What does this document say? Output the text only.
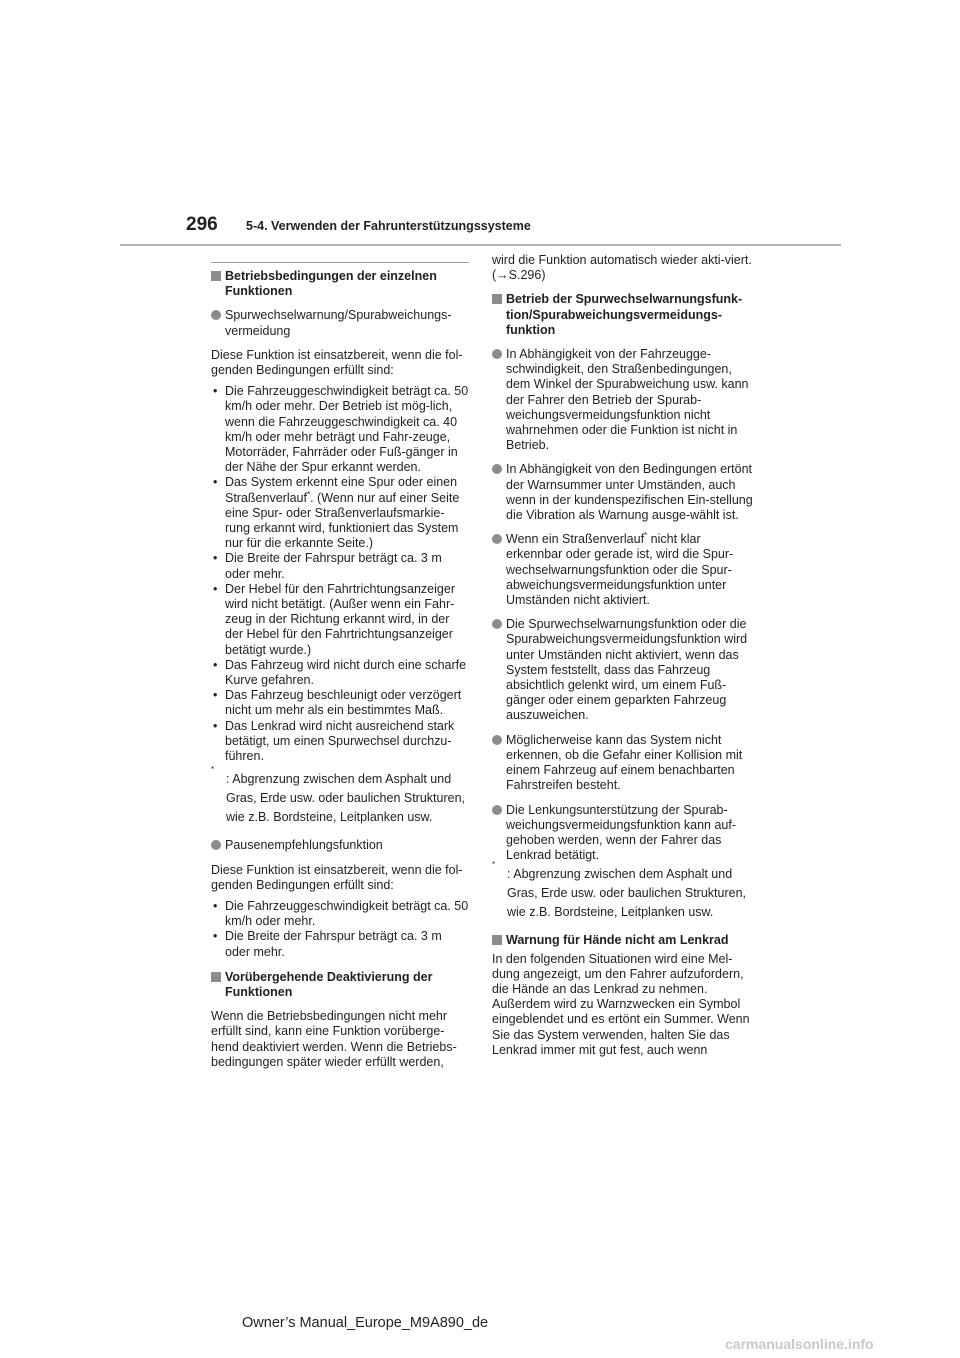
296 5-4. Verwenden der Fahrunterstützungssysteme
Betriebsbedingungen der einzelnen Funktionen
Spurwechselwarnung/Spurabweichungs-vermeidung
Diese Funktion ist einsatzbereit, wenn die fol-
genden Bedingungen erfüllt sind:
• Die Fahrzeuggeschwindigkeit beträgt ca. 50 km/h oder mehr. Der Betrieb ist mög-lich, wenn die Fahrzeuggeschwindigkeit ca. 40 km/h oder mehr beträgt und Fahr-zeuge, Motorräder, Fahrräder oder Fuß-gänger in der Nähe der Spur erkannt werden.
• Das System erkennt eine Spur oder einen
Straßenverlauf*. (Wenn nur auf einer Seite eine Spur- oder Straßenverlaufsmarkie-rung erkannt wird, funktioniert das System nur für die erkannte Seite.)
• Die Breite der Fahrspur beträgt ca. 3 m oder mehr.
• Der Hebel für den Fahrtrichtungsanzeiger wird nicht betätigt. (Außer wenn ein Fahr-zeug in der Richtung erkannt wird, in der der Hebel für den Fahrtrichtungsanzeiger betätigt wurde.)
• Das Fahrzeug wird nicht durch eine scharfe Kurve gefahren.
• Das Fahrzeug beschleunigt oder verzögert nicht um mehr als ein bestimmtes Maß.
• Das Lenkrad wird nicht ausreichend stark betätigt, um einen Spurwechsel durchzu-führen.
*
: Abgrenzung zwischen dem Asphalt und
Gras, Erde usw. oder baulichen Strukturen,
wie z.B. Bordsteine, Leitplanken usw.
Pausenempfehlungsfunktion
Diese Funktion ist einsatzbereit, wenn die fol-
genden Bedingungen erfüllt sind:
• Die Fahrzeuggeschwindigkeit beträgt ca. 50 km/h oder mehr.
• Die Breite der Fahrspur beträgt ca. 3 m oder mehr.
Vorübergehende Deaktivierung der Funktionen
Wenn die Betriebsbedingungen nicht mehr erfüllt sind, kann eine Funktion vorüberge-hend deaktiviert werden. Wenn die Betriebs-bedingungen später wieder erfüllt werden,
wird die Funktion automatisch wieder akti-viert. (→S.296)
Betrieb der Spurwechselwarnungsfunk-tion/Spurabweichungsvermeidungs-funktion
In Abhängigkeit von der Fahrzeugge-schwindigkeit, den Straßenbedingungen, dem Winkel der Spurabweichung usw. kann der Fahrer den Betrieb der Spurab-weichungsvermeidungsfunktion nicht wahrnehmen oder die Funktion ist nicht in Betrieb.
In Abhängigkeit von den Bedingungen ertönt der Warnsummer unter Umständen, auch wenn in der kundenspezifischen Ein-stellung die Vibration als Warnung ausge-wählt ist.
Wenn ein Straßenverlauf* nicht klar erkennbar oder gerade ist, wird die Spur-wechselwarnungsfunktion oder die Spur-abweichungsvermeidungsfunktion unter Umständen nicht aktiviert.
Die Spurwechselwarnungsfunktion oder die Spurabweichungsvermeidungsfunktion wird unter Umständen nicht aktiviert, wenn das System feststellt, dass das Fahrzeug absichtlich gelenkt wird, um einem Fuß-gänger oder einem geparkten Fahrzeug auszuweichen.
Möglicherweise kann das System nicht erkennen, ob die Gefahr einer Kollision mit einem Fahrzeug auf einem benachbarten Fahrstreifen besteht.
Die Lenkungsunterstützung der Spurab-weichungsvermeidungsfunktion kann auf-gehoben werden, wenn der Fahrer das Lenkrad betätigt.
*
: Abgrenzung zwischen dem Asphalt und
Gras, Erde usw. oder baulichen Strukturen,
wie z.B. Bordsteine, Leitplanken usw.
Warnung für Hände nicht am Lenkrad
In den folgenden Situationen wird eine Mel-dung angezeigt, um den Fahrer aufzufordern, die Hände an das Lenkrad zu nehmen. Außerdem wird zu Warnzwecken ein Symbol eingeblendet und es ertönt ein Summer. Wenn Sie das System verwenden, halten Sie das Lenkrad immer mit gut fest, auch wenn
Owner’s Manual_Europe_M9A890_de
carmanualsonline.info
